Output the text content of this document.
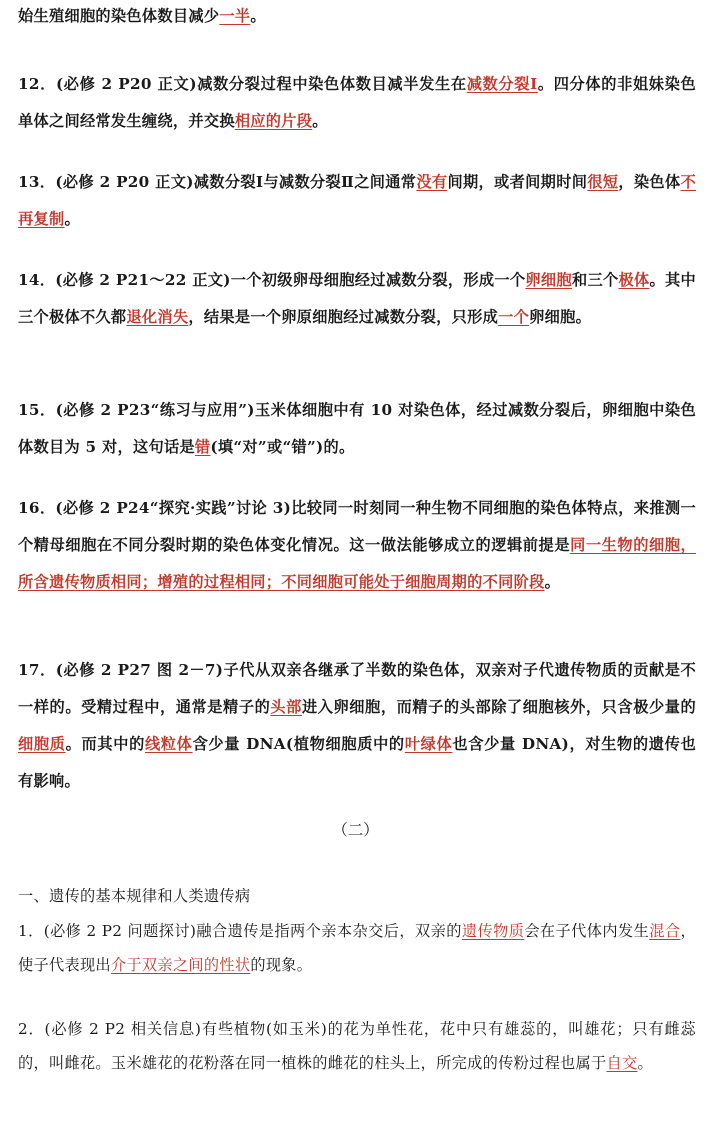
始生殖细胞的染色体数目减少一半。
12．(必修 2 P20 正文)减数分裂过程中染色体数目减半发生在减数分裂Ⅰ。四分体的非姐妹染色单体之间经常发生缠绕，并交换相应的片段。
13．(必修 2 P20 正文)减数分裂Ⅰ与减数分裂Ⅱ之间通常没有间期，或者间期时间很短，染色体不再复制。
14．(必修 2 P21～22 正文)一个初级卵母细胞经过减数分裂，形成一个卵细胞和三个极体。其中三个极体不久都退化消失，结果是一个卵原细胞经过减数分裂，只形成一个卵细胞。
15．(必修 2 P23“练习与应用”)玉米体细胞中有 10 对染色体，经过减数分裂后，卵细胞中染色体数目为 5 对，这句话是错(填“对”或“错”)的。
16．(必修 2 P24“探究·实践”讨论 3)比较同一时刻同一种生物不同细胞的染色体特点，来推测一个精母细胞在不同分裂时期的染色体变化情况。这一做法能够成立的逻辑前提是同一生物的细胞，所含遗传物质相同；增殖的过程相同；不同细胞可能处于细胞周期的不同阶段。
17．(必修 2 P27 图 2－7)子代从双亲各继承了半数的染色体，双亲对子代遗传物质的贡献是不一样的。受精过程中，通常是精子的头部进入卵细胞，而精子的头部除了细胞核外，只含极少量的细胞质。而其中的线粒体含少量 DNA(植物细胞质中的叶绿体也含少量 DNA)，对生物的遗传也有影响。
（二）
一、遗传的基本规律和人类遗传病
1．(必修 2 P2 问题探讨)融合遗传是指两个亲本杂交后，双亲的遗传物质会在子代体内发生混合，使子代表现出介于双亲之间的性状的现象。
2．(必修 2 P2 相关信息)有些植物(如玉米)的花为单性花，花中只有雄蕊的，叫雄花；只有雌蕊的，叫雌花。玉米雄花的花粉落在同一植株的雌花的柱头上，所完成的传粉过程也属于自交。
